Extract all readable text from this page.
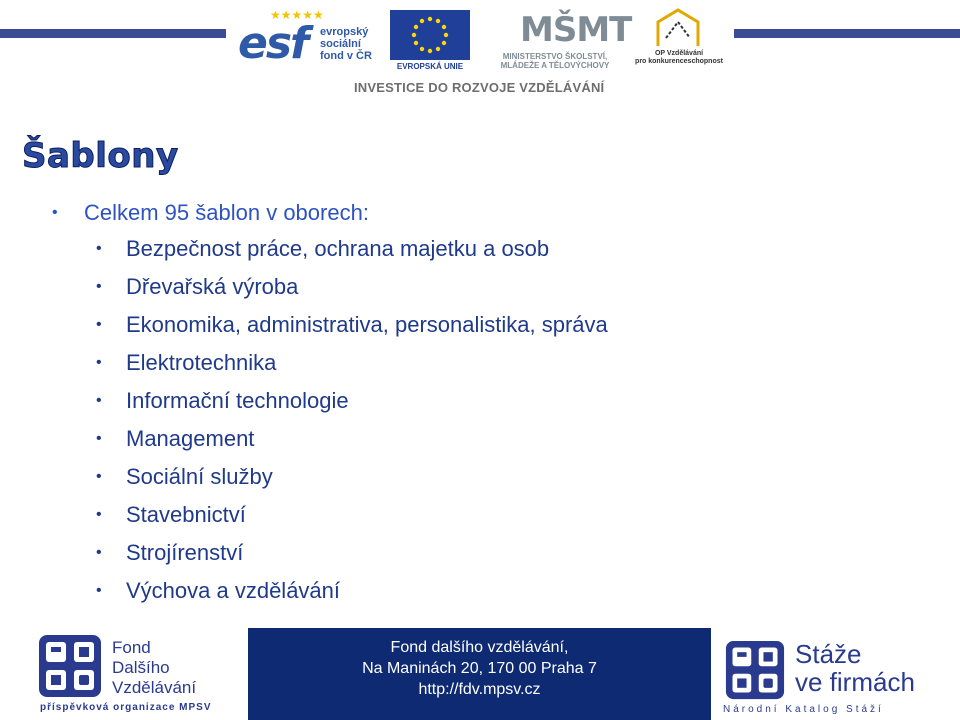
★★★★★
esf evropský
sociální
fond v ČR
EVROPSKÁ UNIE
MŠMT
MINISTERSTVO ŠKOLSTVÍ,
MLÁDEŽE A TĚLOVÝCHOVY
OP Vzdělávání
pro konkurenceschopnost
INVESTICE DO ROZVOJE VZDĚLÁVÁNÍ
Šablony
• Celkem 95 šablon v oborech:
• Bezpečnost práce, ochrana majetku a osob
• Dřevařská výroba
• Ekonomika, administrativa, personalistika, správa
• Elektrotechnika
• Informační technologie
• Management
• Sociální služby
• Stavebnictví
• Strojírenství
• Výchova a vzdělávání
Fond
Dalšího
Vzdělávání
příspěvková organizace MPSV
Fond dalšího vzdělávání,
Na Maninách 20, 170 00 Praha 7
http://fdv.mpsv.cz
Stáže
ve firmách
Národní Katalog Stáží
